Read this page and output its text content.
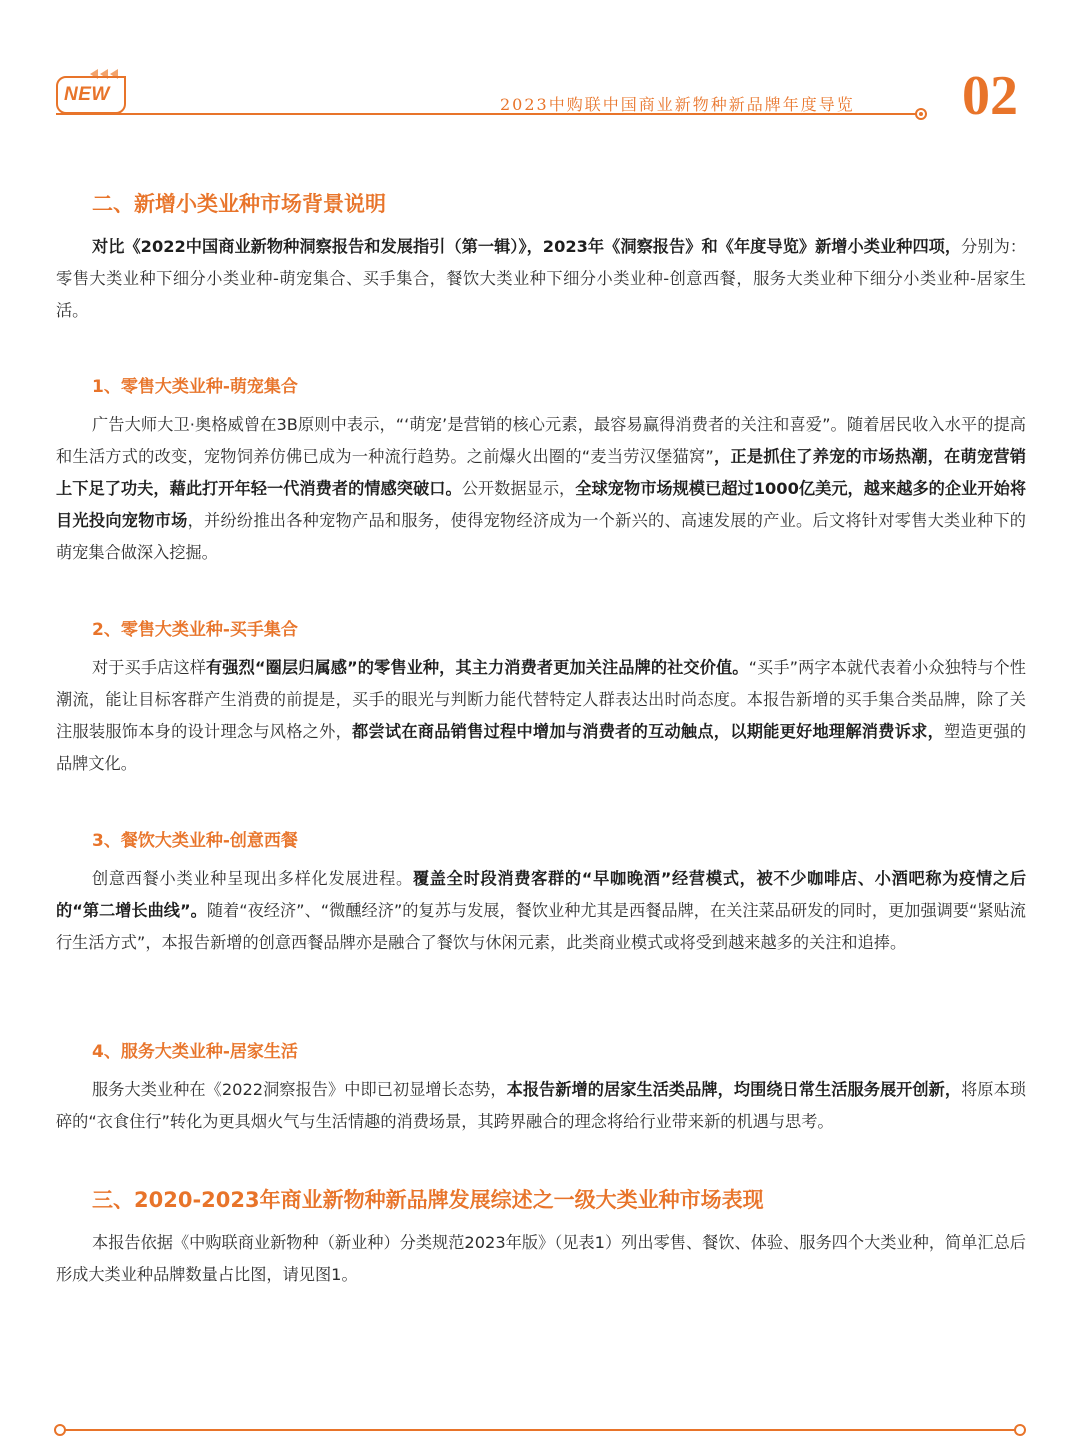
NEW	2023中购联中国商业新物种新品牌年度导览	02
二、新增小类业种市场背景说明

对比《2022中国商业新物种洞察报告和发展指引（第一辑）》，2023年《洞察报告》和《年度导览》新增小类业种四项，分别为：零售大类业种下细分小类业种-萌宠集合、买手集合，餐饮大类业种下细分小类业种-创意西餐，服务大类业种下细分小类业种-居家生活。

1、零售大类业种-萌宠集合

广告大师大卫·奥格威曾在3B原则中表示，“‘萌宠’是营销的核心元素，最容易赢得消费者的关注和喜爱”。随着居民收入水平的提高和生活方式的改变，宠物饲养仿佛已成为一种流行趋势。之前爆火出圈的“麦当劳汉堡猫窝”，正是抓住了养宠的市场热潮，在萌宠营销上下足了功夫，藉此打开年轻一代消费者的情感突破口。公开数据显示，全球宠物市场规模已超过1000亿美元，越来越多的企业开始将目光投向宠物市场，并纷纷推出各种宠物产品和服务，使得宠物经济成为一个新兴的、高速发展的产业。后文将针对零售大类业种下的萌宠集合做深入挖掘。

2、零售大类业种-买手集合

对于买手店这样有强烈“圈层归属感”的零售业种，其主力消费者更加关注品牌的社交价值。“买手”两字本就代表着小众独特与个性潮流，能让目标客群产生消费的前提是，买手的眼光与判断力能代替特定人群表达出时尚态度。本报告新增的买手集合类品牌，除了关注服装服饰本身的设计理念与风格之外，都尝试在商品销售过程中增加与消费者的互动触点，以期能更好地理解消费诉求，塑造更强的品牌文化。

3、餐饮大类业种-创意西餐

创意西餐小类业种呈现出多样化发展进程。覆盖全时段消费客群的“早咖晚酒”经营模式，被不少咖啡店、小酒吧称为疫情之后的“第二增长曲线”。随着“夜经济”、“微醺经济”的复苏与发展，餐饮业种尤其是西餐品牌，在关注菜品研发的同时，更加强调要“紧贴流行生活方式”，本报告新增的创意西餐品牌亦是融合了餐饮与休闲元素，此类商业模式或将受到越来越多的关注和追捧。

4、服务大类业种-居家生活

服务大类业种在《2022洞察报告》中即已初显增长态势，本报告新增的居家生活类品牌，均围绕日常生活服务展开创新，将原本琐碎的“衣食住行”转化为更具烟火气与生活情趣的消费场景，其跨界融合的理念将给行业带来新的机遇与思考。

三、2020-2023年商业新物种新品牌发展综述之一级大类业种市场表现

本报告依据《中购联商业新物种（新业种）分类规范2023年版》（见表1）列出零售、餐饮、体验、服务四个大类业种，简单汇总后形成大类业种品牌数量占比图，请见图1。
